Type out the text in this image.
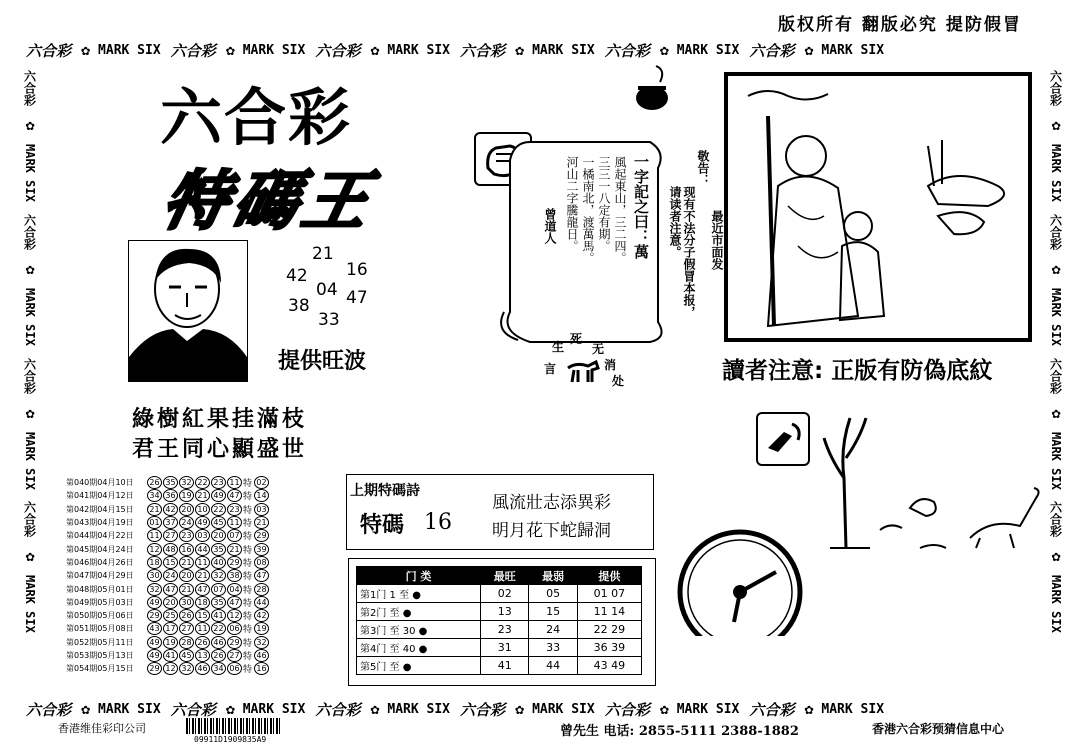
版权所有 翻版必究 提防假冒
六合彩 ✿ MARK SIX 六合彩 ✿ MARK SIX 六合彩 ✿ MARK SIX 六合彩 ✿ MARK SIX 六合彩 ✿ MARK SIX 六合彩 ✿ MARK SIX
六合彩 ✿ MARK SIX 六合彩 ✿ MARK SIX 六合彩 ✿ MARK SIX 六合彩 ✿ MARK SIX 六合彩 ✿ MARK SIX 六合彩 ✿ MARK SIX
六合彩
✿
MARK SIX
六合彩
✿
MARK SIX
六合彩
✿
MARK SIX
六合彩
✿
MARK SIX
六合彩
✿
MARK SIX
六合彩
✿
MARK SIX
六合彩
✿
MARK SIX
六合彩
✿
MARK SIX
六合彩
特碼王
21
42 16
04
38 47
33
提供旺波
綠樹紅果挂滿枝
君王同心顯盛世
一字記之曰：萬
風起東山，三二四。
三三一八定有期。
一橘南北，渡萬馬。
河山二字騰龍日。
曾道人
敬告：
最近市面发
现有不法分子假冒本报，
请读者注意。
生
死
无
言	消
处	讀者注意: 正版有防偽底紋
上期特碼詩
特碼 16
風流壯志添異彩
明月花下蛇歸洞
门 类	最旺	最弱	提供
第1门 1 至 ●	02	05	01 07
第2门 至 ●	13	15	11 14
第3门 至 30 ●	23	24	22 29
第4门 至 40 ●	31	33	36 39
第5门 至 ●	41	44	43 49
第040期04月10日	26 35 32 22 23 11 特 02
第041期04月12日	34 36 19 21 49 47 特 14
第042期04月15日	21 42 20 10 22 23 特 03
第043期04月19日	01 37 24 49 45 11 特 21
第044期04月22日	11 27 23 03 20 07 特 29
第045期04月24日	12 48 16 44 35 21 特 39
第046期04月26日	18 15 21 11 40 29 特 08
第047期04月29日	30 24 20 21 32 38 特 47
第048期05月01日	32 47 21 47 07 04 特 28
第049期05月03日	49 20 30 18 35 47 特 44
第050期05月06日	29 25 26 15 41 12 特 42
第051期05月08日	43 17 27 11 22 06 特 19
第052期05月11日	49 19 28 26 46 29 特 32
第053期05月13日	49 41 45 13 26 27 特 46
第054期05月15日	29 12 32 46 34 06 特 16
香港维佳彩印公司
09911D1909835A9
曾先生 电话: 2855-5111 2388-1882	香港六合彩预猜信息中心
